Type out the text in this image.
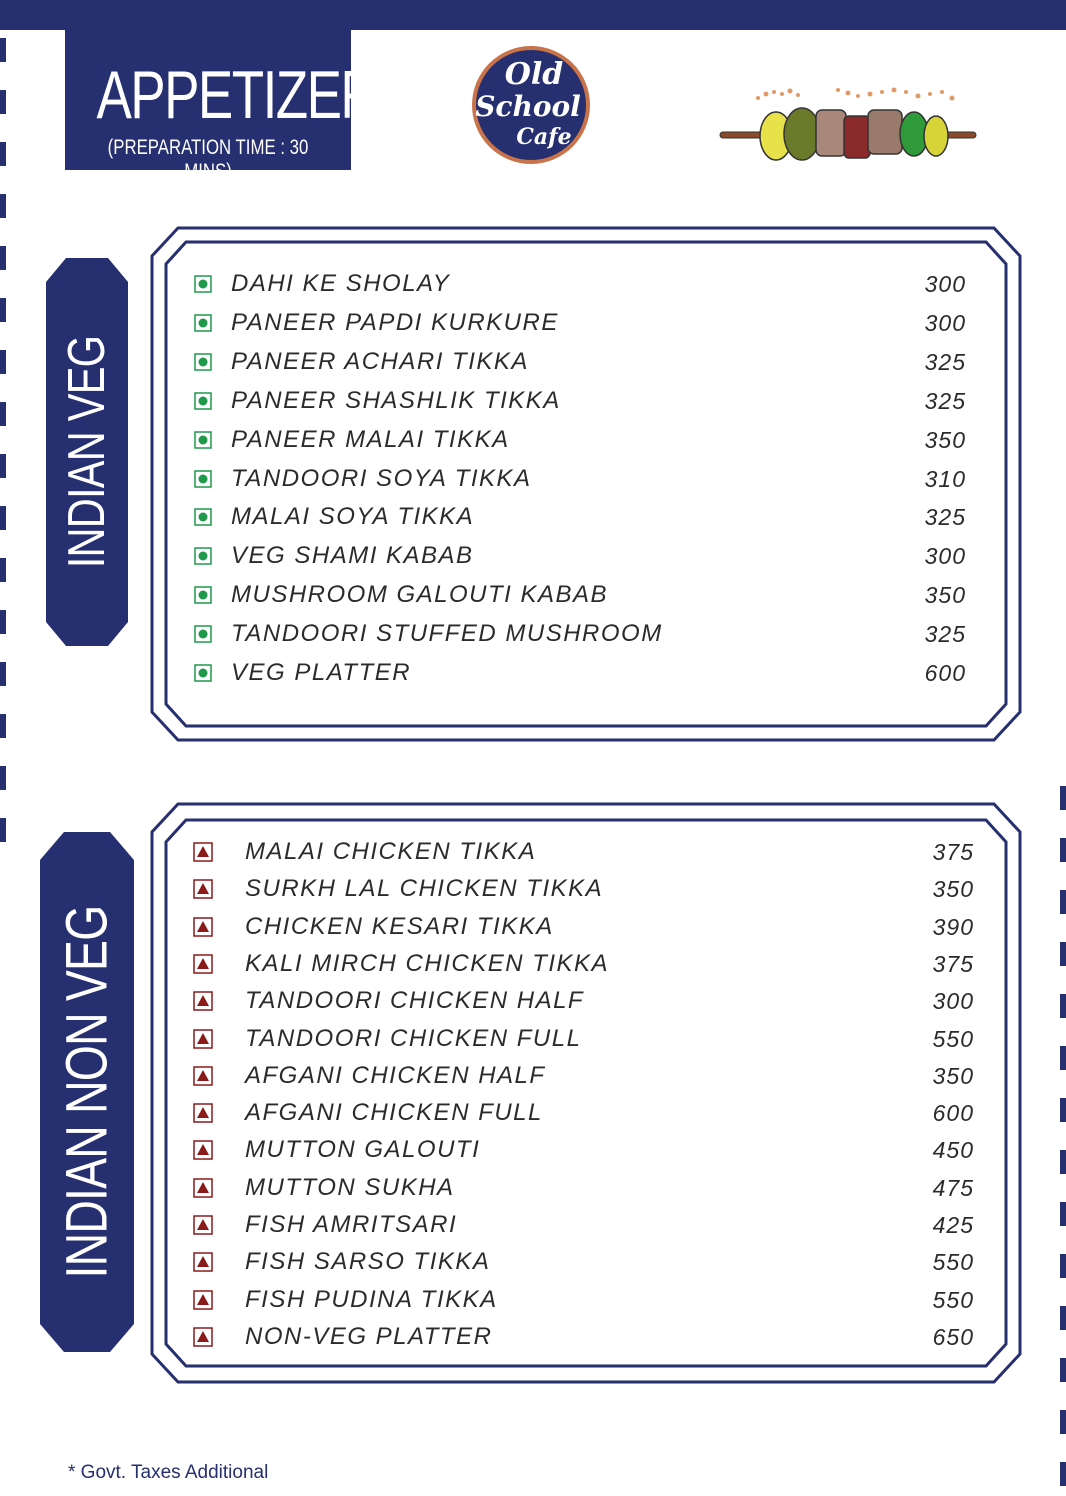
APPETIZERS
(PREPARATION TIME : 30 MINS)
Old
School
Cafe
INDIAN VEG
DAHI KE SHOLAY	300
PANEER PAPDI KURKURE	300
PANEER ACHARI TIKKA	325
PANEER SHASHLIK TIKKA	325
PANEER MALAI TIKKA	350
TANDOORI SOYA TIKKA	310
MALAI SOYA TIKKA	325
VEG SHAMI KABAB	300
MUSHROOM GALOUTI KABAB	350
TANDOORI STUFFED MUSHROOM	325
VEG PLATTER	600
INDIAN NON VEG
MALAI CHICKEN TIKKA	375
SURKH LAL CHICKEN TIKKA	350
CHICKEN KESARI TIKKA	390
KALI MIRCH CHICKEN TIKKA	375
TANDOORI CHICKEN HALF	300
TANDOORI CHICKEN FULL	550
AFGANI CHICKEN HALF	350
AFGANI CHICKEN FULL	600
MUTTON GALOUTI	450
MUTTON SUKHA	475
FISH AMRITSARI	425
FISH SARSO TIKKA	550
FISH PUDINA TIKKA	550
NON-VEG PLATTER	650
* Govt. Taxes Additional
